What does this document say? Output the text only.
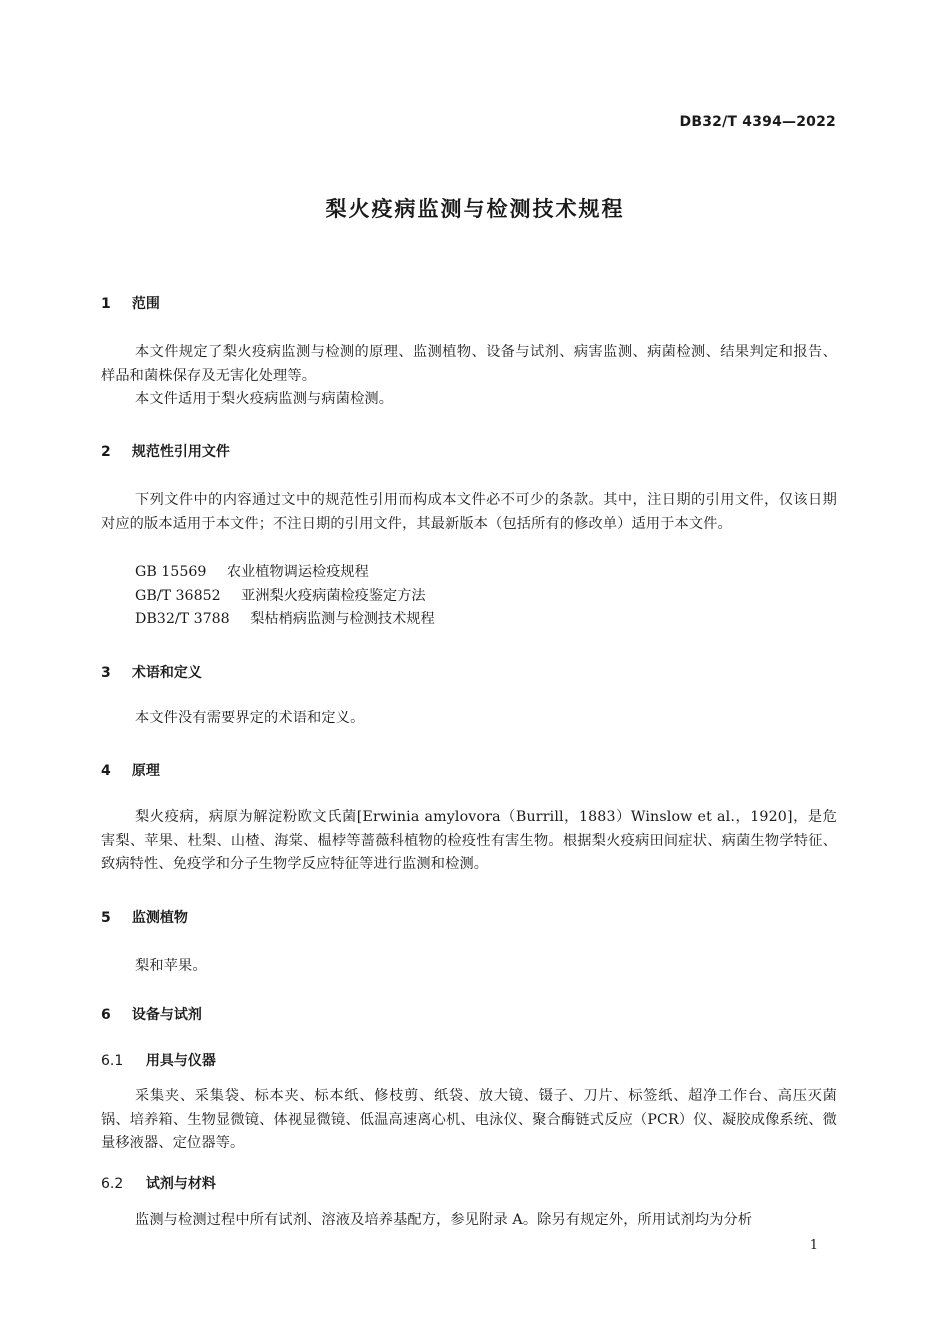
DB32/T 4394—2022
梨火疫病监测与检测技术规程
1 范围
本文件规定了梨火疫病监测与检测的原理、监测植物、设备与试剂、病害监测、病菌检测、结果判定和报告、样品和菌株保存及无害化处理等。
本文件适用于梨火疫病监测与病菌检测。
2 规范性引用文件
下列文件中的内容通过文中的规范性引用而构成本文件必不可少的条款。其中，注日期的引用文件，仅该日期对应的版本适用于本文件；不注日期的引用文件，其最新版本（包括所有的修改单）适用于本文件。
GB 15569 农业植物调运检疫规程
GB/T 36852 亚洲梨火疫病菌检疫鉴定方法
DB32/T 3788 梨枯梢病监测与检测技术规程
3 术语和定义
本文件没有需要界定的术语和定义。
4 原理
梨火疫病，病原为解淀粉欧文氏菌[Erwinia amylovora（Burrill，1883）Winslow et al.，1920]，是危害梨、苹果、杜梨、山楂、海棠、榅桲等蔷薇科植物的检疫性有害生物。根据梨火疫病田间症状、病菌生物学特征、致病特性、免疫学和分子生物学反应特征等进行监测和检测。
5 监测植物
梨和苹果。
6 设备与试剂
6.1 用具与仪器
采集夹、采集袋、标本夹、标本纸、修枝剪、纸袋、放大镜、镊子、刀片、标签纸、超净工作台、高压灭菌锅、培养箱、生物显微镜、体视显微镜、低温高速离心机、电泳仪、聚合酶链式反应（PCR）仪、凝胶成像系统、微量移液器、定位器等。
6.2 试剂与材料
监测与检测过程中所有试剂、溶液及培养基配方，参见附录 A。除另有规定外，所用试剂均为分析
1
